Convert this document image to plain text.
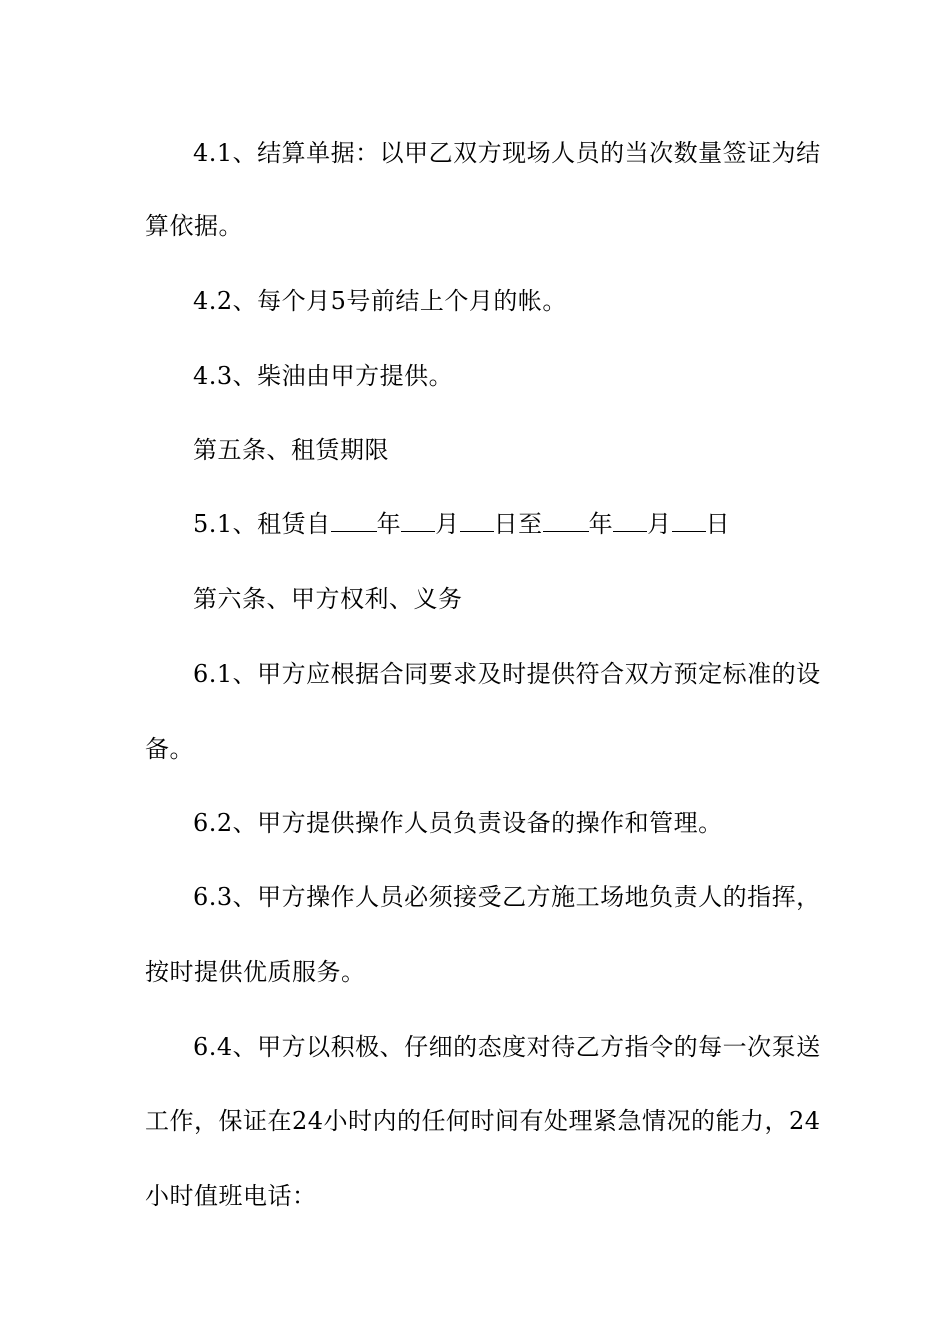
4.1、结算单据：以甲乙双方现场人员的当次数量签证为结
算依据。
4.2、每个月5号前结上个月的帐。
4.3、柴油由甲方提供。
第五条、租赁期限
5.1、租赁自 年 月 日至 年 月 日
第六条、甲方权利、义务
6.1、甲方应根据合同要求及时提供符合双方预定标准的设
备。
6.2、甲方提供操作人员负责设备的操作和管理。
6.3、甲方操作人员必须接受乙方施工场地负责人的指挥，
按时提供优质服务。
6.4、甲方以积极、仔细的态度对待乙方指令的每一次泵送
工作，保证在24小时内的任何时间有处理紧急情况的能力，24
小时值班电话：
